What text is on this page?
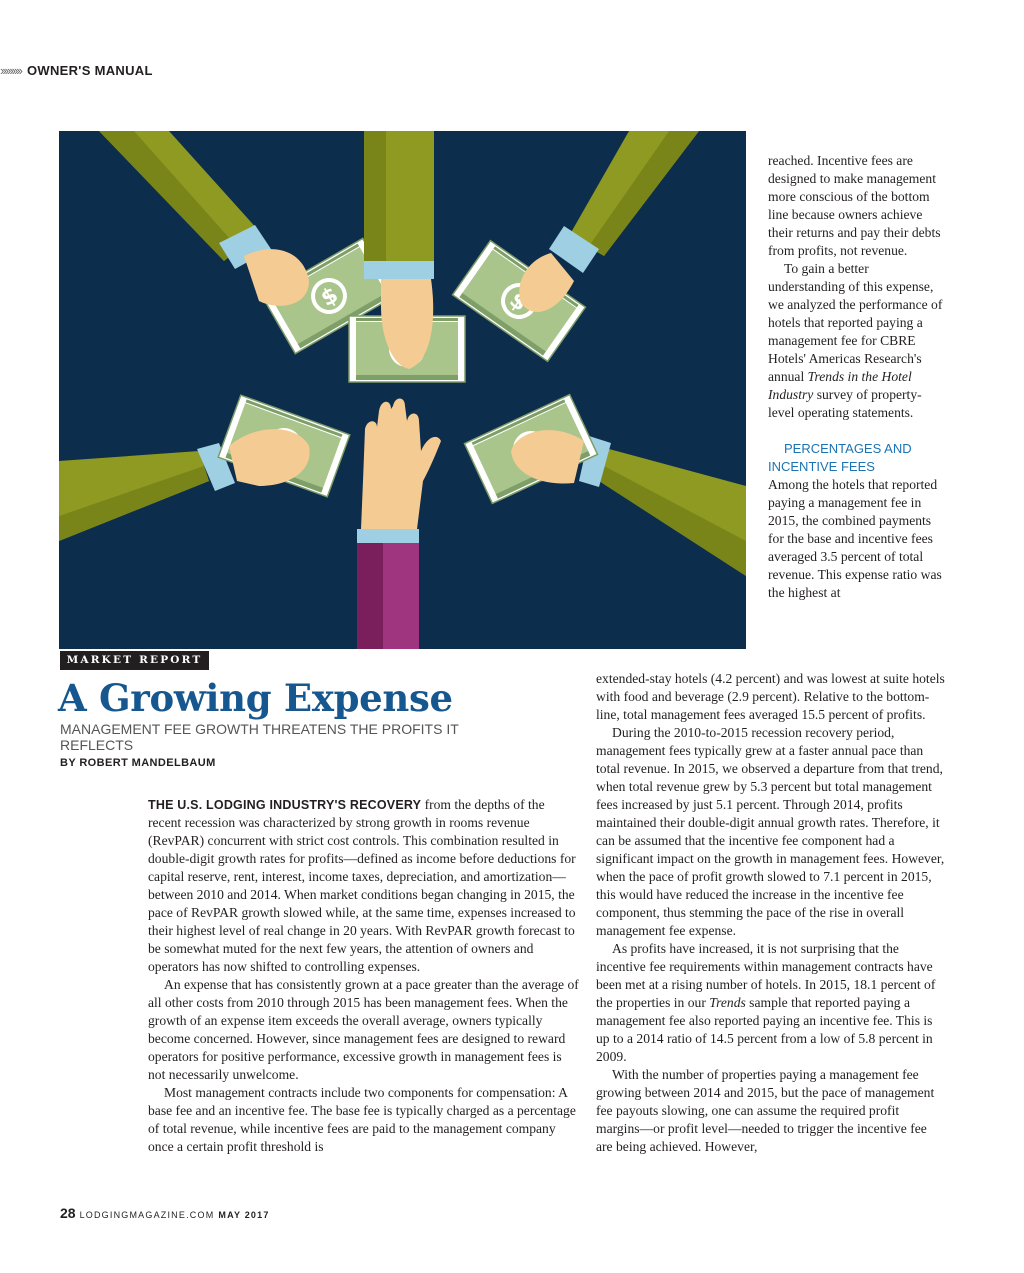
››››››››› OWNER'S MANUAL
$

reached. Incentive fees are designed to make management more conscious of the bottom line because owners achieve their returns and pay their debts from profits, not revenue.

To gain a better understanding of this expense, we analyzed the performance of hotels that reported paying a management fee for CBRE Hotels' Americas Research's annual Trends in the Hotel Industry survey of property-level operating statements.

PERCENTAGES AND
INCENTIVE FEES

Among the hotels that reported paying a management fee in 2015, the combined payments for the base and incentive fees averaged 3.5 percent of total revenue. This expense ratio was the highest at

MARKET REPORT
A Growing Expense
MANAGEMENT FEE GROWTH THREATENS THE PROFITS IT REFLECTS
BY ROBERT MANDELBAUM

THE U.S. LODGING INDUSTRY'S RECOVERY from the depths of the recent recession was characterized by strong growth in rooms revenue (RevPAR) concurrent with strict cost controls. This combination resulted in double-digit growth rates for profits—defined as income before deductions for capital reserve, rent, interest, income taxes, depreciation, and amortization—between 2010 and 2014. When market conditions began changing in 2015, the pace of RevPAR growth slowed while, at the same time, expenses increased to their highest level of real change in 20 years. With RevPAR growth forecast to be somewhat muted for the next few years, the attention of owners and operators has now shifted to controlling expenses.

An expense that has consistently grown at a pace greater than the average of all other costs from 2010 through 2015 has been management fees. When the growth of an expense item exceeds the overall average, owners typically become concerned. However, since management fees are designed to reward operators for positive performance, excessive growth in management fees is not necessarily unwelcome.

Most management contracts include two components for compensation: A base fee and an incentive fee. The base fee is typically charged as a percentage of total revenue, while incentive fees are paid to the management company once a certain profit threshold is

extended-stay hotels (4.2 percent) and was lowest at suite hotels with food and beverage (2.9 percent). Relative to the bottom-line, total management fees averaged 15.5 percent of profits.

During the 2010-to-2015 recession recovery period, management fees typically grew at a faster annual pace than total revenue. In 2015, we observed a departure from that trend, when total revenue grew by 5.3 percent but total management fees increased by just 5.1 percent. Through 2014, profits maintained their double-digit annual growth rates. Therefore, it can be assumed that the incentive fee component had a significant impact on the growth in management fees. However, when the pace of profit growth slowed to 7.1 percent in 2015, this would have reduced the increase in the incentive fee component, thus stemming the pace of the rise in overall management fee expense.

As profits have increased, it is not surprising that the incentive fee requirements within management contracts have been met at a rising number of hotels. In 2015, 18.1 percent of the properties in our Trends sample that reported paying a management fee also reported paying an incentive fee. This is up to a 2014 ratio of 14.5 percent from a low of 5.8 percent in 2009.

With the number of properties paying a management fee growing between 2014 and 2015, but the pace of management fee payouts slowing, one can assume the required profit margins—or profit level—needed to trigger the incentive fee are being achieved. However,

28 LODGINGMAGAZINE.COM MAY 2017
